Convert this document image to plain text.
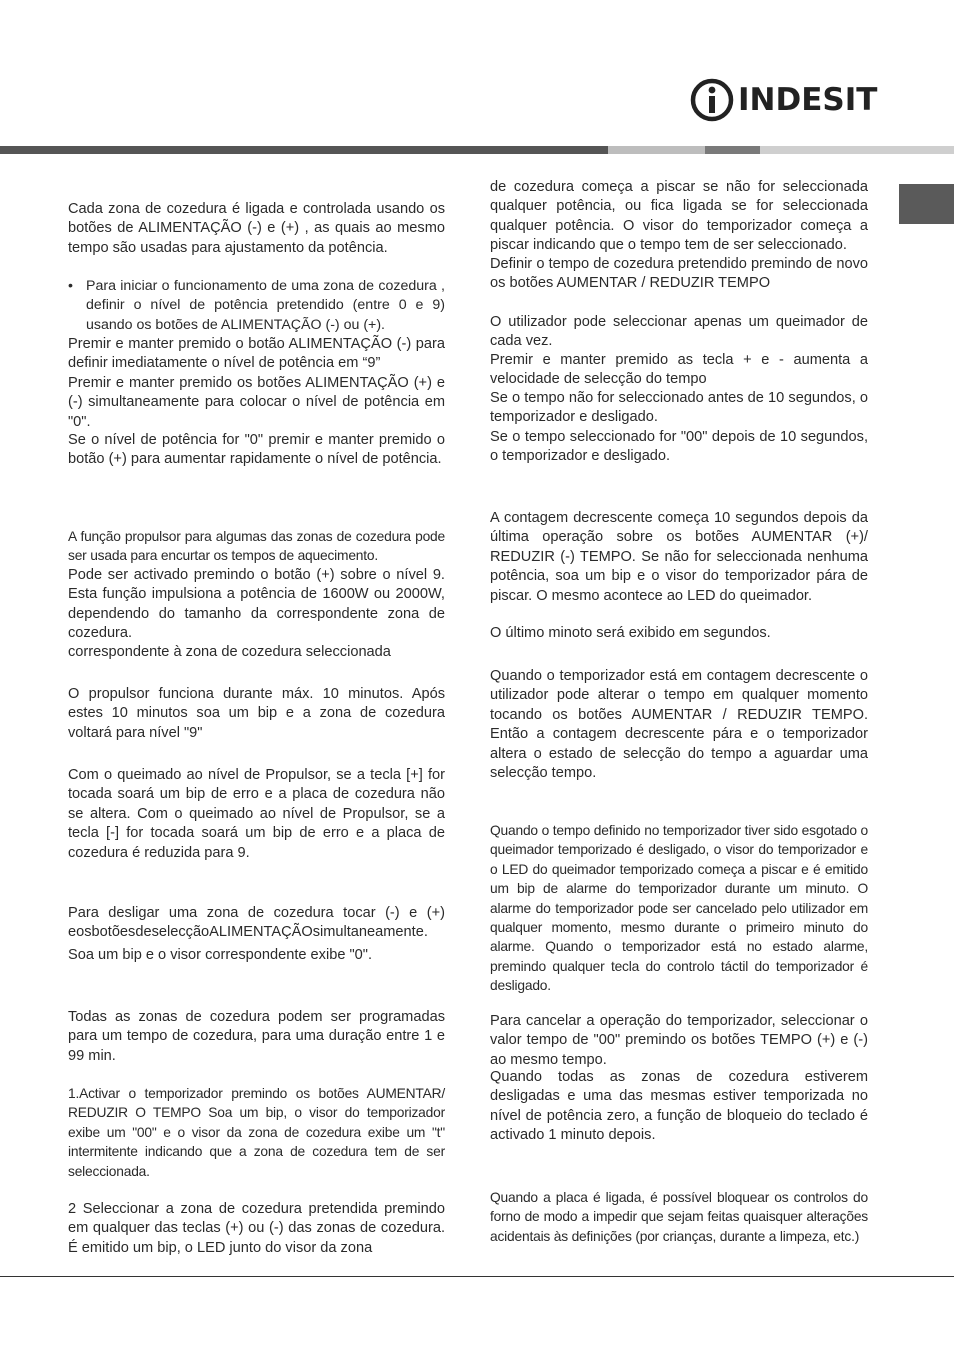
INDESIT

Cada zona de cozedura é ligada e controlada usando os botões de ALIMENTAÇÃO (-) e (+) , as quais ao mesmo tempo são usadas para ajustamento da potência.

• Para iniciar o funcionamento de uma zona de cozedura , definir o nível de potência pretendido (entre 0 e 9) usando os botões de ALIMENTAÇÃO (-) ou (+).

Premir e manter premido o botão ALIMENTAÇÃO (-) para definir imediatamente o nível de potência em “9”

Premir e manter premido os botões ALIMENTAÇÃO (+) e (-) simultaneamente para colocar o nível de potência em "0".

Se o nível de potência for "0" premir e manter premido o botão (+) para aumentar rapidamente o nível de potência.

A função propulsor para algumas das zonas de cozedura pode ser usada para encurtar os tempos de aquecimento.

Pode ser activado premindo o botão (+) sobre o nível 9. Esta função impulsiona a potência de 1600W ou 2000W, dependendo do tamanho da correspondente zona de cozedura.

correspondente à zona de cozedura seleccionada

O propulsor funciona durante máx. 10 minutos. Após estes 10 minutos soa um bip e a zona de cozedura voltará para nível "9"

Com o queimado ao nível de Propulsor, se a tecla [+] for tocada soará um bip de erro e a placa de cozedura não se altera. Com o queimado ao nível de Propulsor, se a tecla [-] for tocada soará um bip de erro e a placa de cozedura é reduzida para 9.

Para desligar uma zona de cozedura tocar (-) e (+) eosbotõesdeselecçãoALIMENTAÇÃOsimultaneamente.

Soa um bip e o visor correspondente exibe "0".

Todas as zonas de cozedura podem ser programadas para um tempo de cozedura, para uma duração entre 1 e 99 min.

1.Activar o temporizador premindo os botões AUMENTAR/ REDUZIR O TEMPO Soa um bip, o visor do temporizador exibe um "00" e o visor da zona de cozedura exibe um "t" intermitente indicando que a zona de cozedura tem de ser seleccionada.

2 Seleccionar a zona de cozedura pretendida premindo em qualquer das teclas (+) ou (-) das zonas de cozedura. É emitido um bip, o LED junto do visor da zona

de cozedura começa a piscar se não for seleccionada qualquer potência, ou fica ligada se for seleccionada qualquer potência. O visor do temporizador começa a piscar indicando que o tempo tem de ser seleccionado.

Definir o tempo de cozedura pretendido premindo de novo os botões AUMENTAR / REDUZIR TEMPO

O utilizador pode seleccionar apenas um queimador de cada vez.

Premir e manter premido as tecla + e - aumenta a velocidade de selecção do tempo

Se o tempo não for seleccionado antes de 10 segundos, o temporizador e desligado.

Se o tempo seleccionado for "00" depois de 10 segundos, o temporizador e desligado.

A contagem decrescente começa 10 segundos depois da última operação sobre os botões AUMENTAR (+)/ REDUZIR (-) TEMPO. Se não for seleccionada nenhuma potência, soa um bip e o visor do temporizador pára de piscar. O mesmo acontece ao LED do queimador.

O último minoto será exibido em segundos.

Quando o temporizador está em contagem decrescente o utilizador pode alterar o tempo em qualquer momento tocando os botões AUMENTAR / REDUZIR TEMPO. Então a contagem decrescente pára e o temporizador altera o estado de selecção do tempo a aguardar uma selecção tempo.

Quando o tempo definido no temporizador tiver sido esgotado o queimador temporizado é desligado, o visor do temporizador e o LED do queimador temporizado começa a piscar e é emitido um bip de alarme do temporizador durante um minuto. O alarme do temporizador pode ser cancelado pelo utilizador em qualquer momento, mesmo durante o primeiro minuto do alarme. Quando o temporizador está no estado alarme, premindo qualquer tecla do controlo táctil do temporizador é desligado.

Para cancelar a operação do temporizador, seleccionar o valor tempo de "00" premindo os botões TEMPO (+) e (-) ao mesmo tempo.

Quando todas as zonas de cozedura estiverem desligadas e uma das mesmas estiver temporizada no nível de potência zero, a função de bloqueio do teclado é activado 1 minuto depois.

Quando a placa é ligada, é possível bloquear os controlos do forno de modo a impedir que sejam feitas quaisquer alterações acidentais às definições (por crianças, durante a limpeza, etc.)
